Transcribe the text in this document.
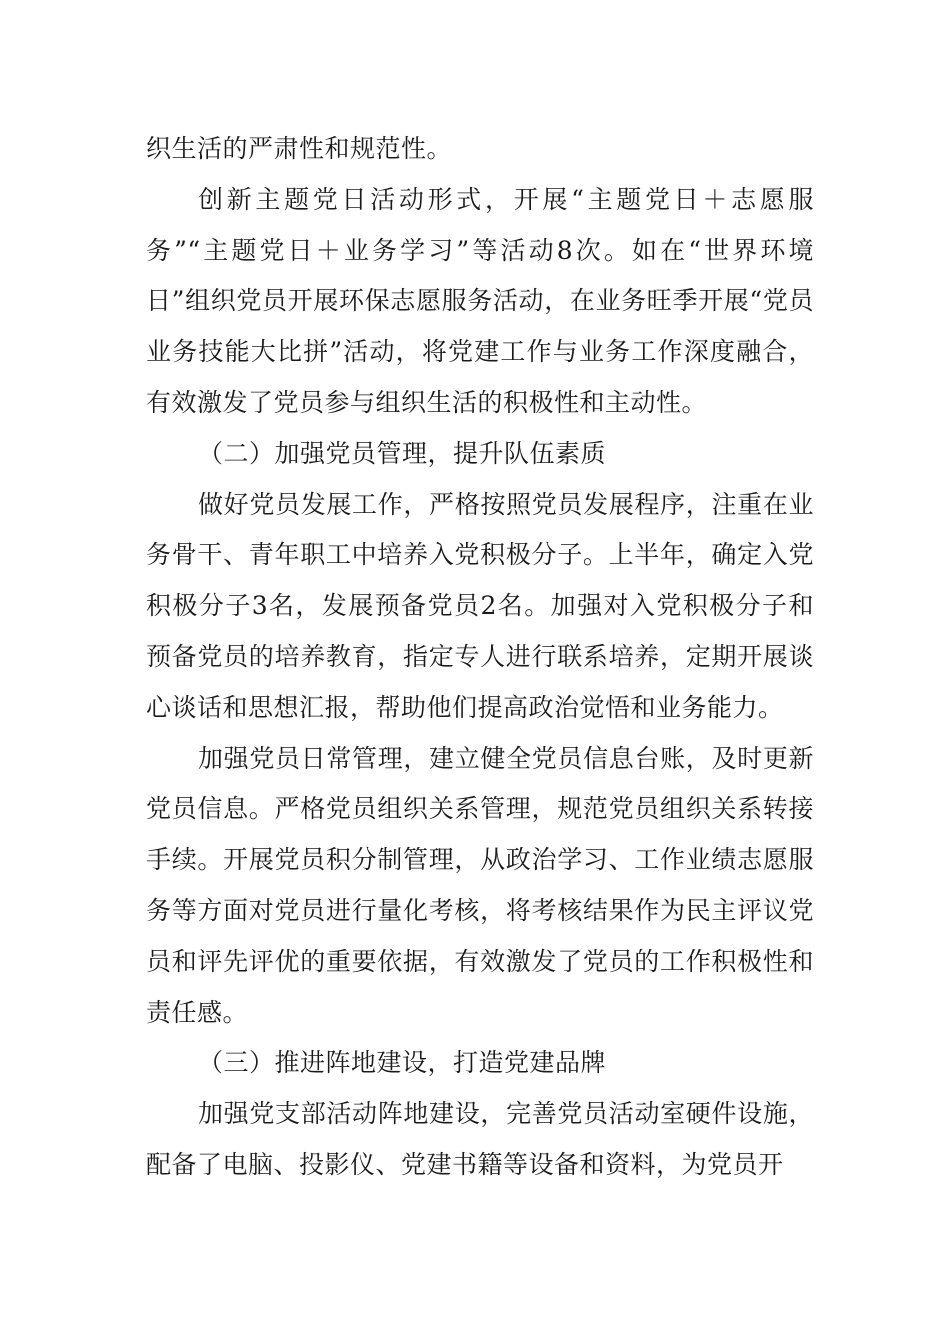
织生活的严肃性和规范性。

创新主题党日活动形式，开展“主题党日＋志愿服务”“主题党日＋业务学习”等活动8次。如在“世界环境日”组织党员开展环保志愿服务活动，在业务旺季开展“党员业务技能大比拼”活动，将党建工作与业务工作深度融合，有效激发了党员参与组织生活的积极性和主动性。

（二）加强党员管理，提升队伍素质

做好党员发展工作，严格按照党员发展程序，注重在业务骨干、青年职工中培养入党积极分子。上半年，确定入党积极分子3名，发展预备党员2名。加强对入党积极分子和预备党员的培养教育，指定专人进行联系培养，定期开展谈心谈话和思想汇报，帮助他们提高政治觉悟和业务能力。

加强党员日常管理，建立健全党员信息台账，及时更新党员信息。严格党员组织关系管理，规范党员组织关系转接手续。开展党员积分制管理，从政治学习、工作业绩志愿服务等方面对党员进行量化考核，将考核结果作为民主评议党员和评先评优的重要依据，有效激发了党员的工作积极性和责任感。

（三）推进阵地建设，打造党建品牌

加强党支部活动阵地建设，完善党员活动室硬件设施，配备了电脑、投影仪、党建书籍等设备和资料，为党员开
